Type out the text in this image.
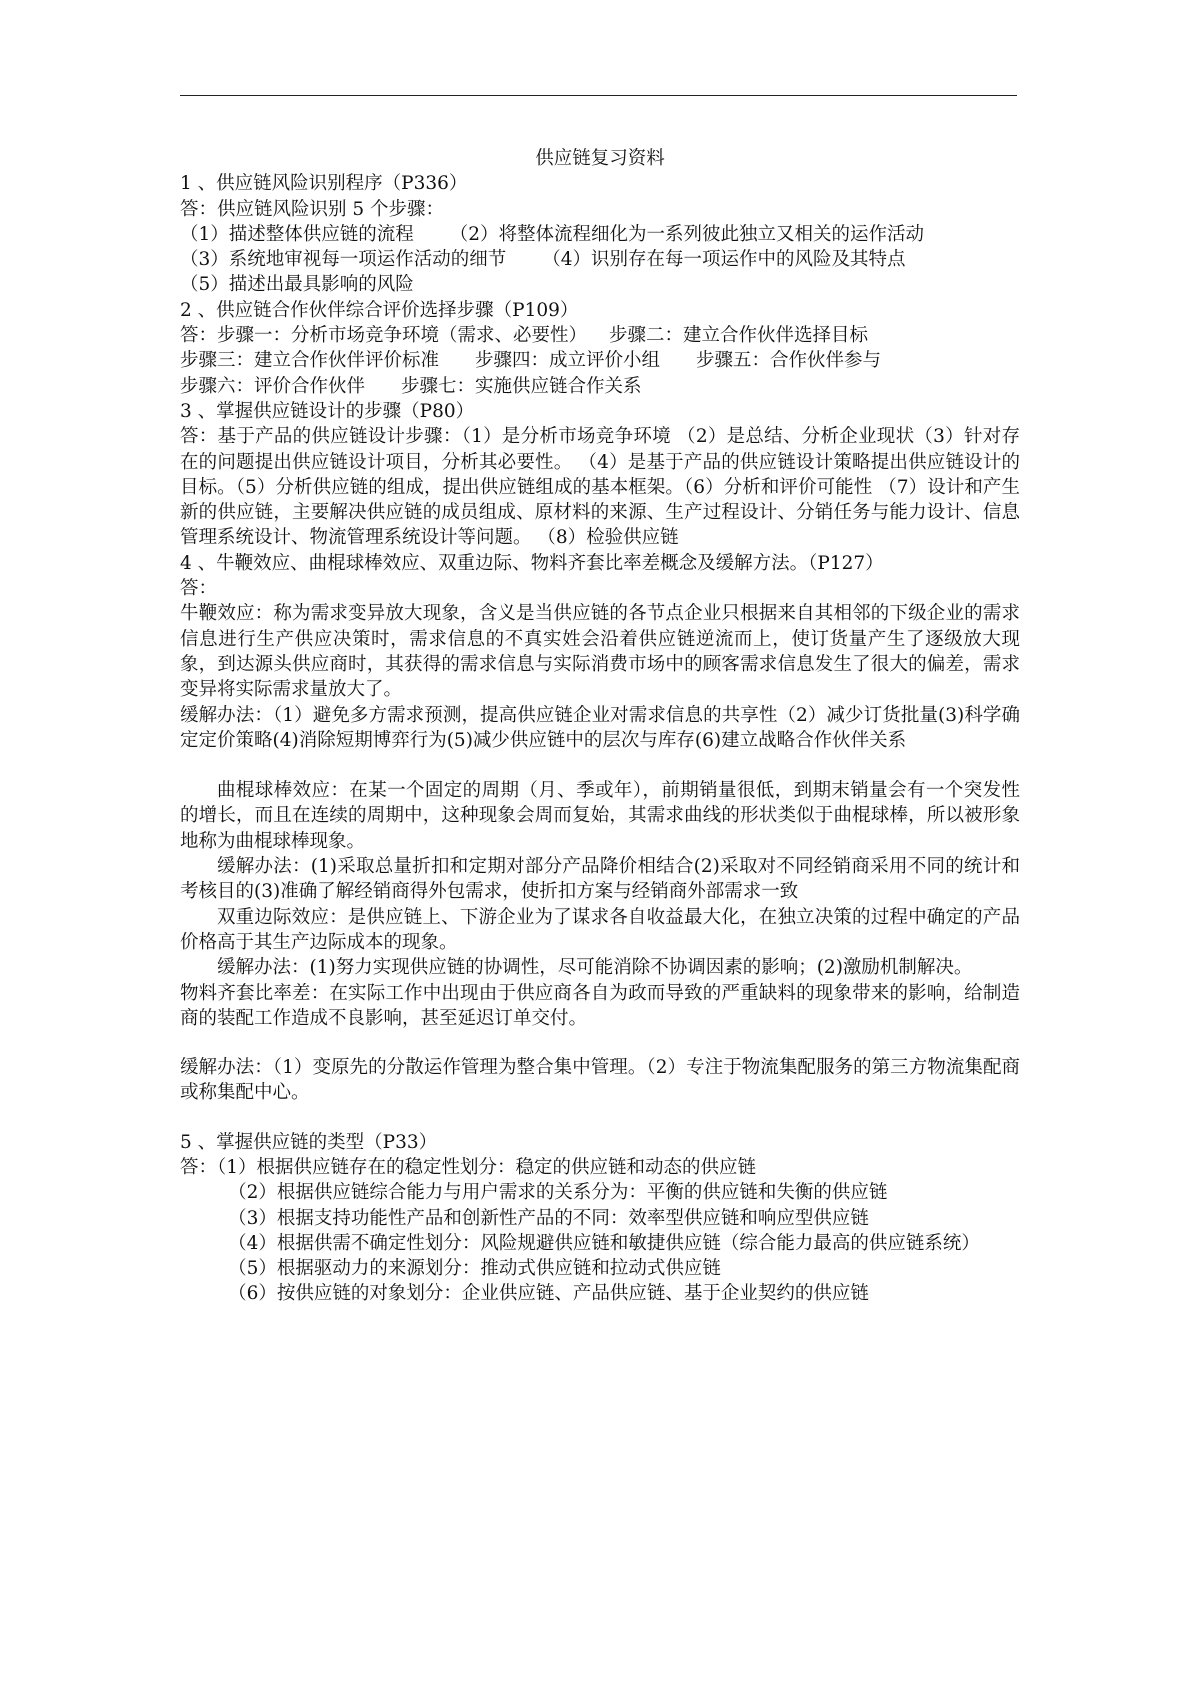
供应链复习资料

1 、供应链风险识别程序（P336）

答：供应链风险识别 5 个步骤：

（1）描述整体供应链的流程 （2）将整体流程细化为一系列彼此独立又相关的运作活动

（3）系统地审视每一项运作活动的细节 （4）识别存在每一项运作中的风险及其特点

（5）描述出最具影响的风险

2 、供应链合作伙伴综合评价选择步骤（P109）

答：步骤一：分析市场竞争环境（需求、必要性） 步骤二：建立合作伙伴选择目标

步骤三：建立合作伙伴评价标准 步骤四：成立评价小组 步骤五：合作伙伴参与

步骤六：评价合作伙伴 步骤七：实施供应链合作关系

3 、掌握供应链设计的步骤（P80）

答：基于产品的供应链设计步骤：（1）是分析市场竞争环境 （2）是总结、分析企业现状（3）针对存在的问题提出供应链设计项目，分析其必要性。 （4）是基于产品的供应链设计策略提出供应链设计的目标。（5）分析供应链的组成，提出供应链组成的基本框架。（6）分析和评价可能性 （7）设计和产生新的供应链，主要解决供应链的成员组成、原材料的来源、生产过程设计、分销任务与能力设计、信息管理系统设计、物流管理系统设计等问题。 （8）检验供应链

4 、牛鞭效应、曲棍球棒效应、双重边际、物料齐套比率差概念及缓解方法。（P127）

答：

牛鞭效应：称为需求变异放大现象，含义是当供应链的各节点企业只根据来自其相邻的下级企业的需求信息进行生产供应决策时，需求信息的不真实姓会沿着供应链逆流而上，使订货量产生了逐级放大现象，到达源头供应商时，其获得的需求信息与实际消费市场中的顾客需求信息发生了很大的偏差，需求变异将实际需求量放大了。

缓解办法：（1）避免多方需求预测，提高供应链企业对需求信息的共享性（2）减少订货批量(3)科学确定定价策略(4)消除短期博弈行为(5)减少供应链中的层次与库存(6)建立战略合作伙伴关系

曲棍球棒效应：在某一个固定的周期（月、季或年），前期销量很低，到期末销量会有一个突发性的增长，而且在连续的周期中，这种现象会周而复始，其需求曲线的形状类似于曲棍球棒，所以被形象地称为曲棍球棒现象。

缓解办法：(1)采取总量折扣和定期对部分产品降价相结合(2)采取对不同经销商采用不同的统计和考核目的(3)准确了解经销商得外包需求，使折扣方案与经销商外部需求一致

双重边际效应：是供应链上、下游企业为了谋求各自收益最大化，在独立决策的过程中确定的产品价格高于其生产边际成本的现象。

缓解办法：(1)努力实现供应链的协调性，尽可能消除不协调因素的影响；(2)激励机制解决。

物料齐套比率差：在实际工作中出现由于供应商各自为政而导致的严重缺料的现象带来的影响，给制造商的装配工作造成不良影响，甚至延迟订单交付。

缓解办法：（1）变原先的分散运作管理为整合集中管理。（2）专注于物流集配服务的第三方物流集配商或称集配中心。

5 、掌握供应链的类型（P33）

答：（1）根据供应链存在的稳定性划分：稳定的供应链和动态的供应链

（2）根据供应链综合能力与用户需求的关系分为：平衡的供应链和失衡的供应链

（3）根据支持功能性产品和创新性产品的不同：效率型供应链和响应型供应链

（4）根据供需不确定性划分：风险规避供应链和敏捷供应链（综合能力最高的供应链系统）

（5）根据驱动力的来源划分：推动式供应链和拉动式供应链

（6）按供应链的对象划分：企业供应链、产品供应链、基于企业契约的供应链
